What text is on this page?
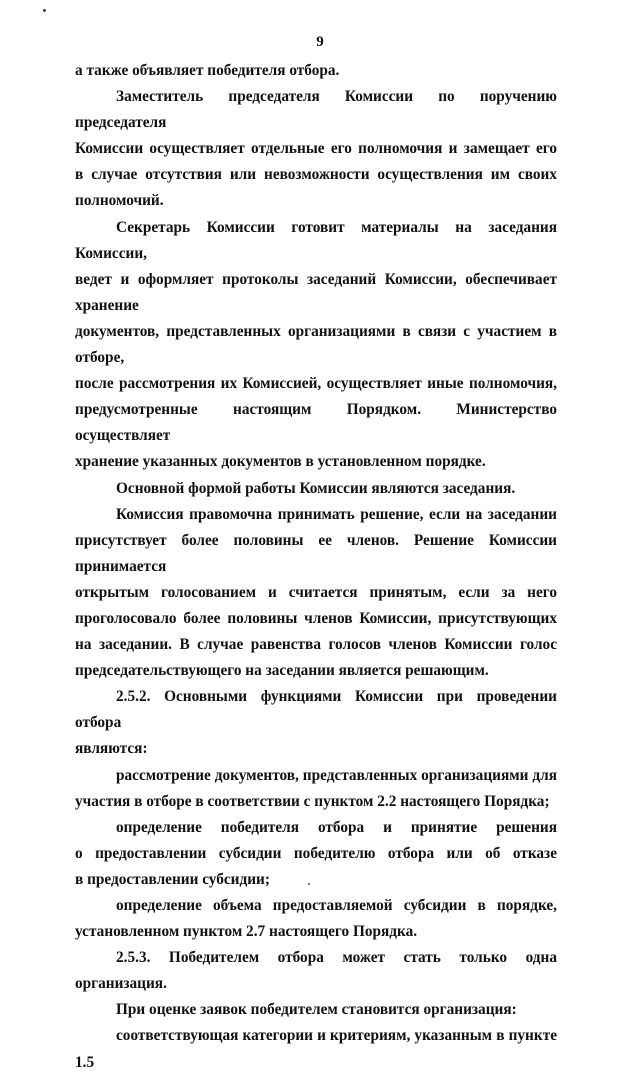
9

а также объявляет победителя отбора.

Заместитель председателя Комиссии по поручению председателя

Комиссии осуществляет отдельные его полномочия и замещает его

в случае отсутствия или невозможности осуществления им своих

полномочий.

Секретарь Комиссии готовит материалы на заседания Комиссии,

ведет и оформляет протоколы заседаний Комиссии, обеспечивает хранение

документов, представленных организациями в связи с участием в отборе,

после рассмотрения их Комиссией, осуществляет иные полномочия,

предусмотренные настоящим Порядком. Министерство осуществляет

хранение указанных документов в установленном порядке.

Основной формой работы Комиссии являются заседания.

Комиссия правомочна принимать решение, если на заседании

присутствует более половины ее членов. Решение Комиссии принимается

открытым голосованием и считается принятым, если за него

проголосовало более половины членов Комиссии, присутствующих

на заседании. В случае равенства голосов членов Комиссии голос

председательствующего на заседании является решающим.

2.5.2. Основными функциями Комиссии при проведении отбора

являются:

рассмотрение документов, представленных организациями для

участия в отборе в соответствии с пунктом 2.2 настоящего Порядка;

определение победителя отбора и принятие решения

о предоставлении субсидии победителю отбора или об отказе

в предоставлении субсидии;

определение объема предоставляемой субсидии в порядке,

установленном пунктом 2.7 настоящего Порядка.

2.5.3. Победителем отбора может стать только одна организация.

При оценке заявок победителем становится организация:

соответствующая категории и критериям, указанным в пункте 1.5
